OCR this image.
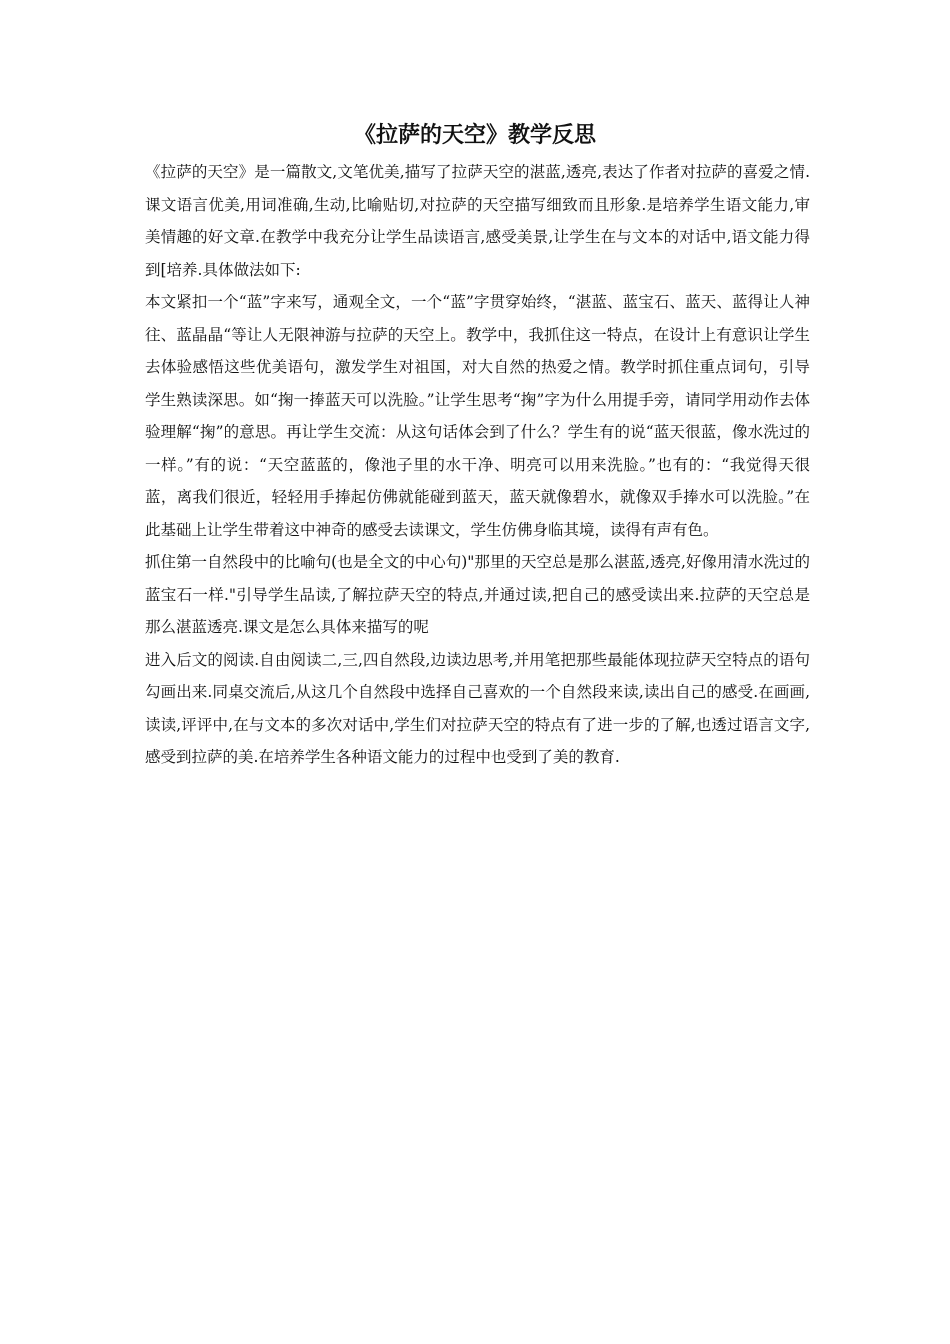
《拉萨的天空》教学反思

《拉萨的天空》是一篇散文,文笔优美,描写了拉萨天空的湛蓝,透亮,表达了作者对拉萨的喜爱之情.课文语言优美,用词准确,生动,比喻贴切,对拉萨的天空描写细致而且形象.是培养学生语文能力,审美情趣的好文章.在教学中我充分让学生品读语言,感受美景,让学生在与文本的对话中,语文能力得到[培养.具体做法如下:

本文紧扣一个“蓝”字来写，通观全文，一个“蓝”字贯穿始终，“湛蓝、蓝宝石、蓝天、蓝得让人神往、蓝晶晶“等让人无限神游与拉萨的天空上。教学中，我抓住这一特点，在设计上有意识让学生去体验感悟这些优美语句，激发学生对祖国，对大自然的热爱之情。教学时抓住重点词句，引导学生熟读深思。如“掬一捧蓝天可以洗脸。”让学生思考“掬”字为什么用提手旁，请同学用动作去体验理解“掬”的意思。再让学生交流：从这句话体会到了什么？学生有的说“蓝天很蓝，像水洗过的一样。”有的说：“天空蓝蓝的，像池子里的水干净、明亮可以用来洗脸。”也有的：“我觉得天很蓝，离我们很近，轻轻用手捧起仿佛就能碰到蓝天，蓝天就像碧水，就像双手捧水可以洗脸。”在此基础上让学生带着这中神奇的感受去读课文，学生仿佛身临其境，读得有声有色。

抓住第一自然段中的比喻句(也是全文的中心句)"那里的天空总是那么湛蓝,透亮,好像用清水洗过的蓝宝石一样."引导学生品读,了解拉萨天空的特点,并通过读,把自己的感受读出来.拉萨的天空总是那么湛蓝透亮.课文是怎么具体来描写的呢

进入后文的阅读.自由阅读二,三,四自然段,边读边思考,并用笔把那些最能体现拉萨天空特点的语句勾画出来.同桌交流后,从这几个自然段中选择自己喜欢的一个自然段来读,读出自己的感受.在画画,读读,评评中,在与文本的多次对话中,学生们对拉萨天空的特点有了进一步的了解,也透过语言文字,感受到拉萨的美.在培养学生各种语文能力的过程中也受到了美的教育.
